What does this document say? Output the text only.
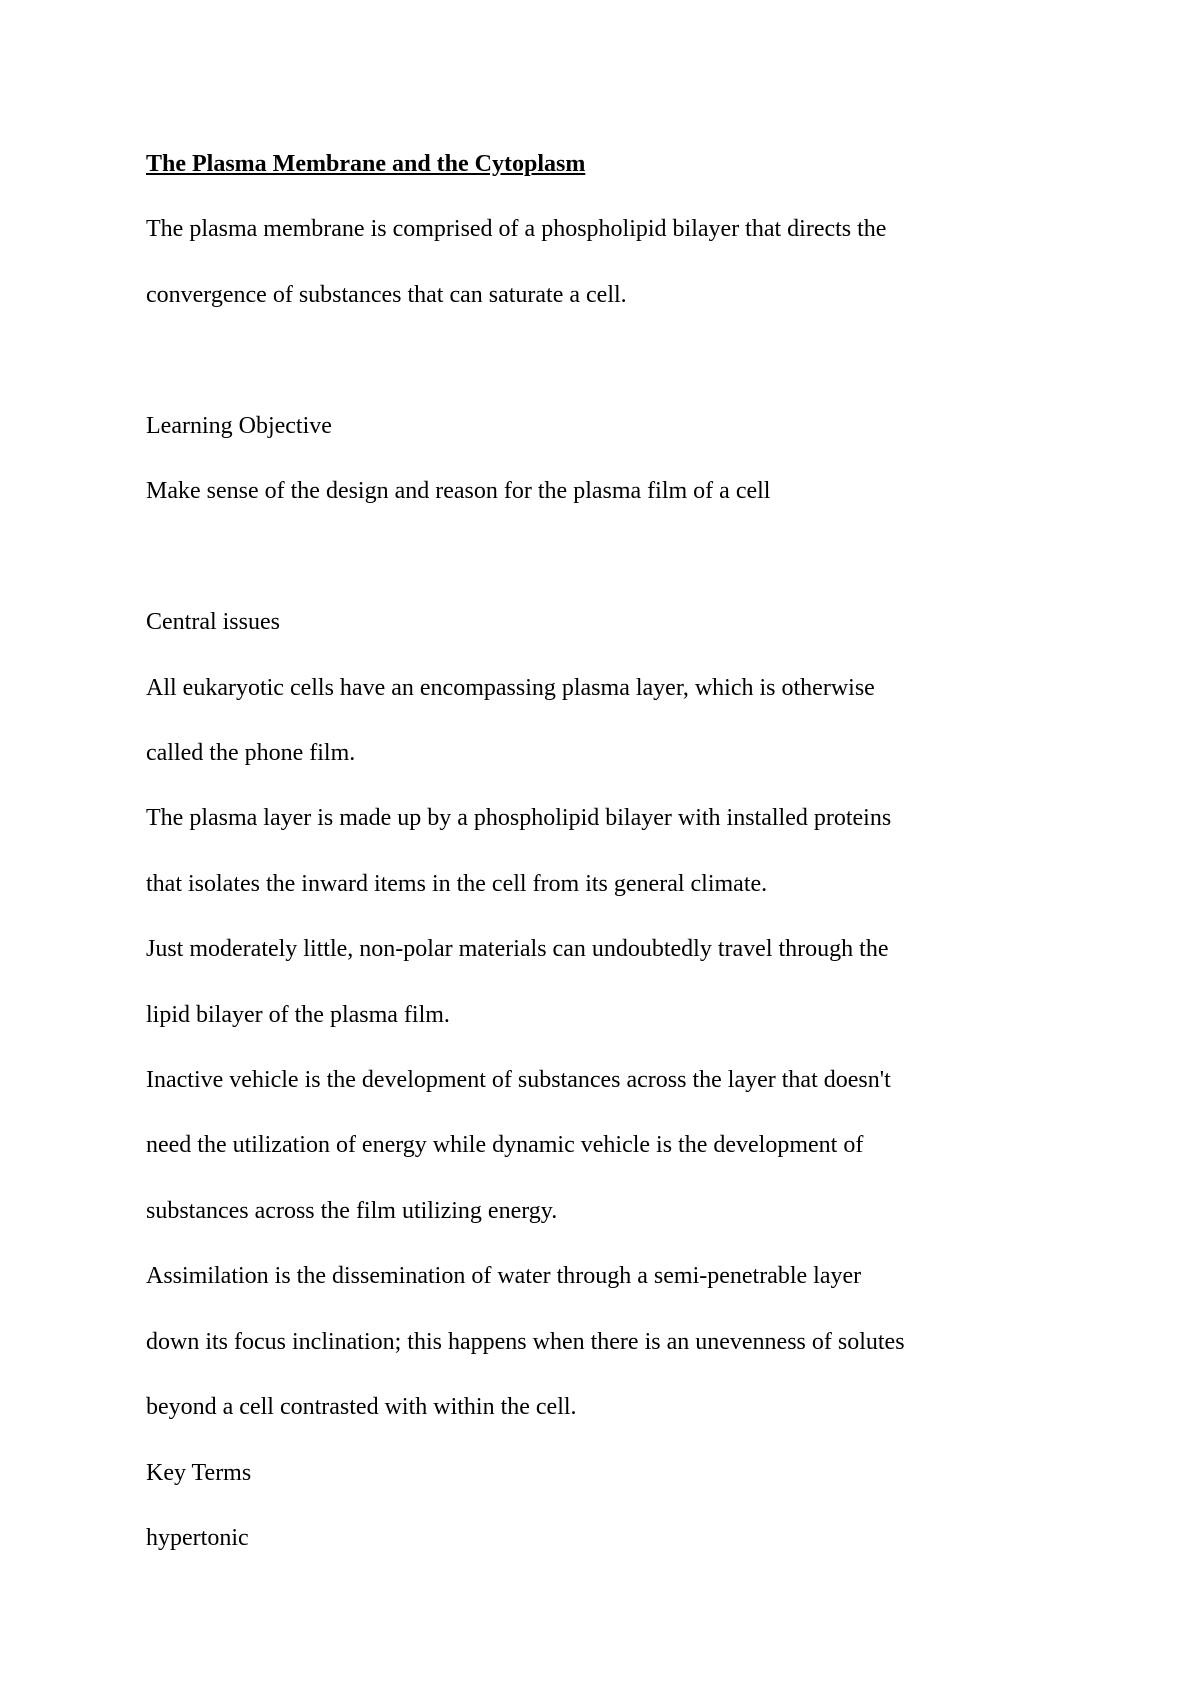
The Plasma Membrane and the Cytoplasm

The plasma membrane is comprised of a phospholipid bilayer that directs the

convergence of substances that can saturate a cell.

Learning Objective

Make sense of the design and reason for the plasma film of a cell

Central issues

All eukaryotic cells have an encompassing plasma layer, which is otherwise

called the phone film.

The plasma layer is made up by a phospholipid bilayer with installed proteins

that isolates the inward items in the cell from its general climate.

Just moderately little, non-polar materials can undoubtedly travel through the

lipid bilayer of the plasma film.

Inactive vehicle is the development of substances across the layer that doesn't

need the utilization of energy while dynamic vehicle is the development of

substances across the film utilizing energy.

Assimilation is the dissemination of water through a semi-penetrable layer

down its focus inclination; this happens when there is an unevenness of solutes

beyond a cell contrasted with within the cell.

Key Terms

hypertonic
